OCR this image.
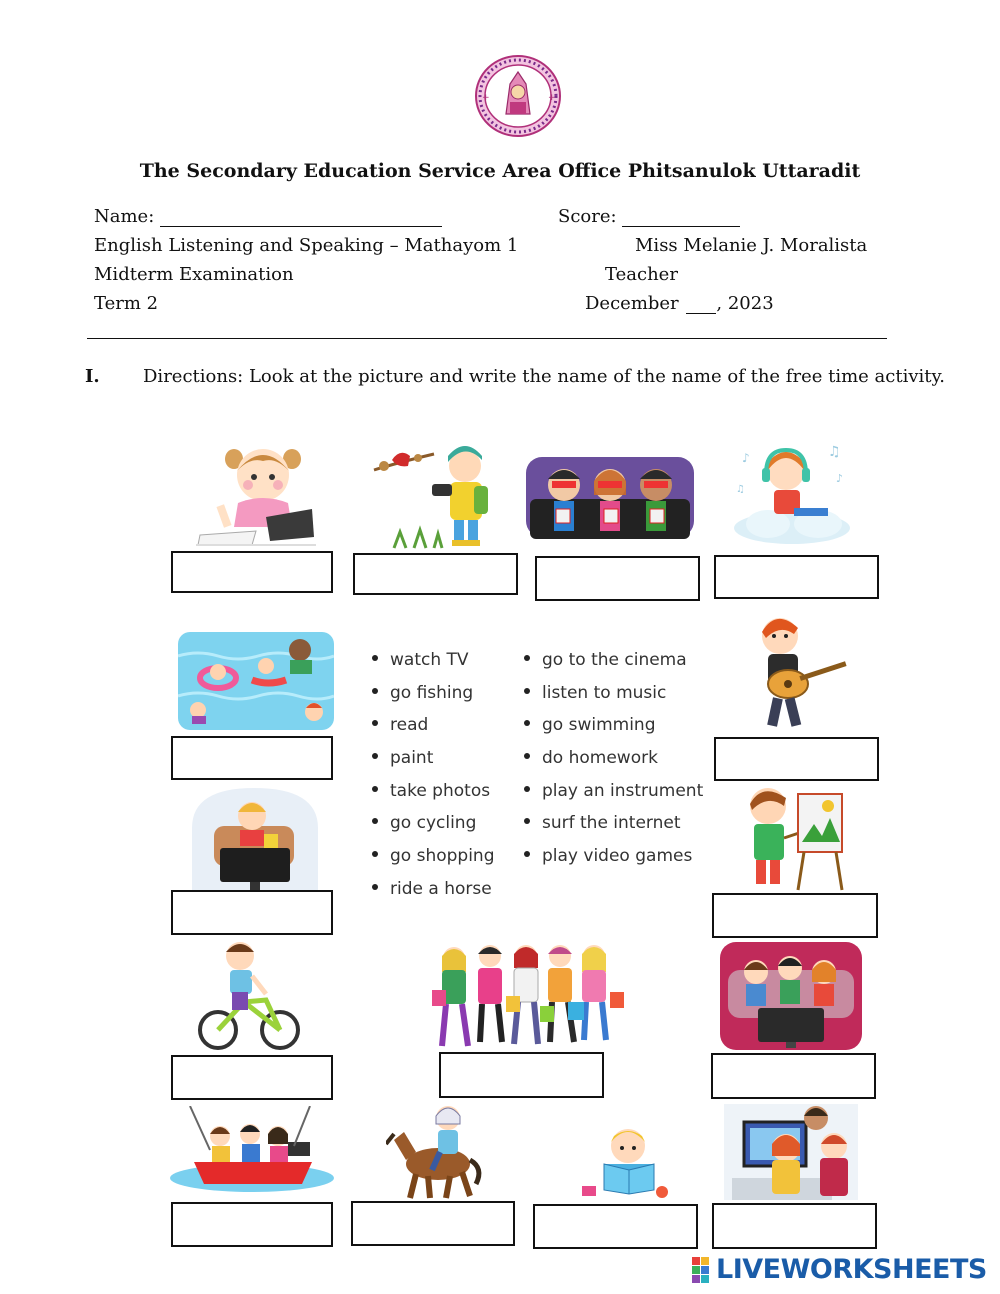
+	+
The Secondary Education Service Area Office Phitsanulok Uttaradit
Name:	Score:
English Listening and Speaking – Mathayom 1	Miss Melanie J. Moralista
Midterm Examination	Teacher
Term 2	December , 2023
I. Directions: Look at the picture and write the name of the name of the free time activity.
♪	♫
♪
♫
watch TV
go fishing
read
paint
take photos
go cycling
go shopping
ride a horse
go to the cinema
listen to music
go swimming
do homework
play an instrument
surf the internet
play video games
LIVEWORKSHEETS
